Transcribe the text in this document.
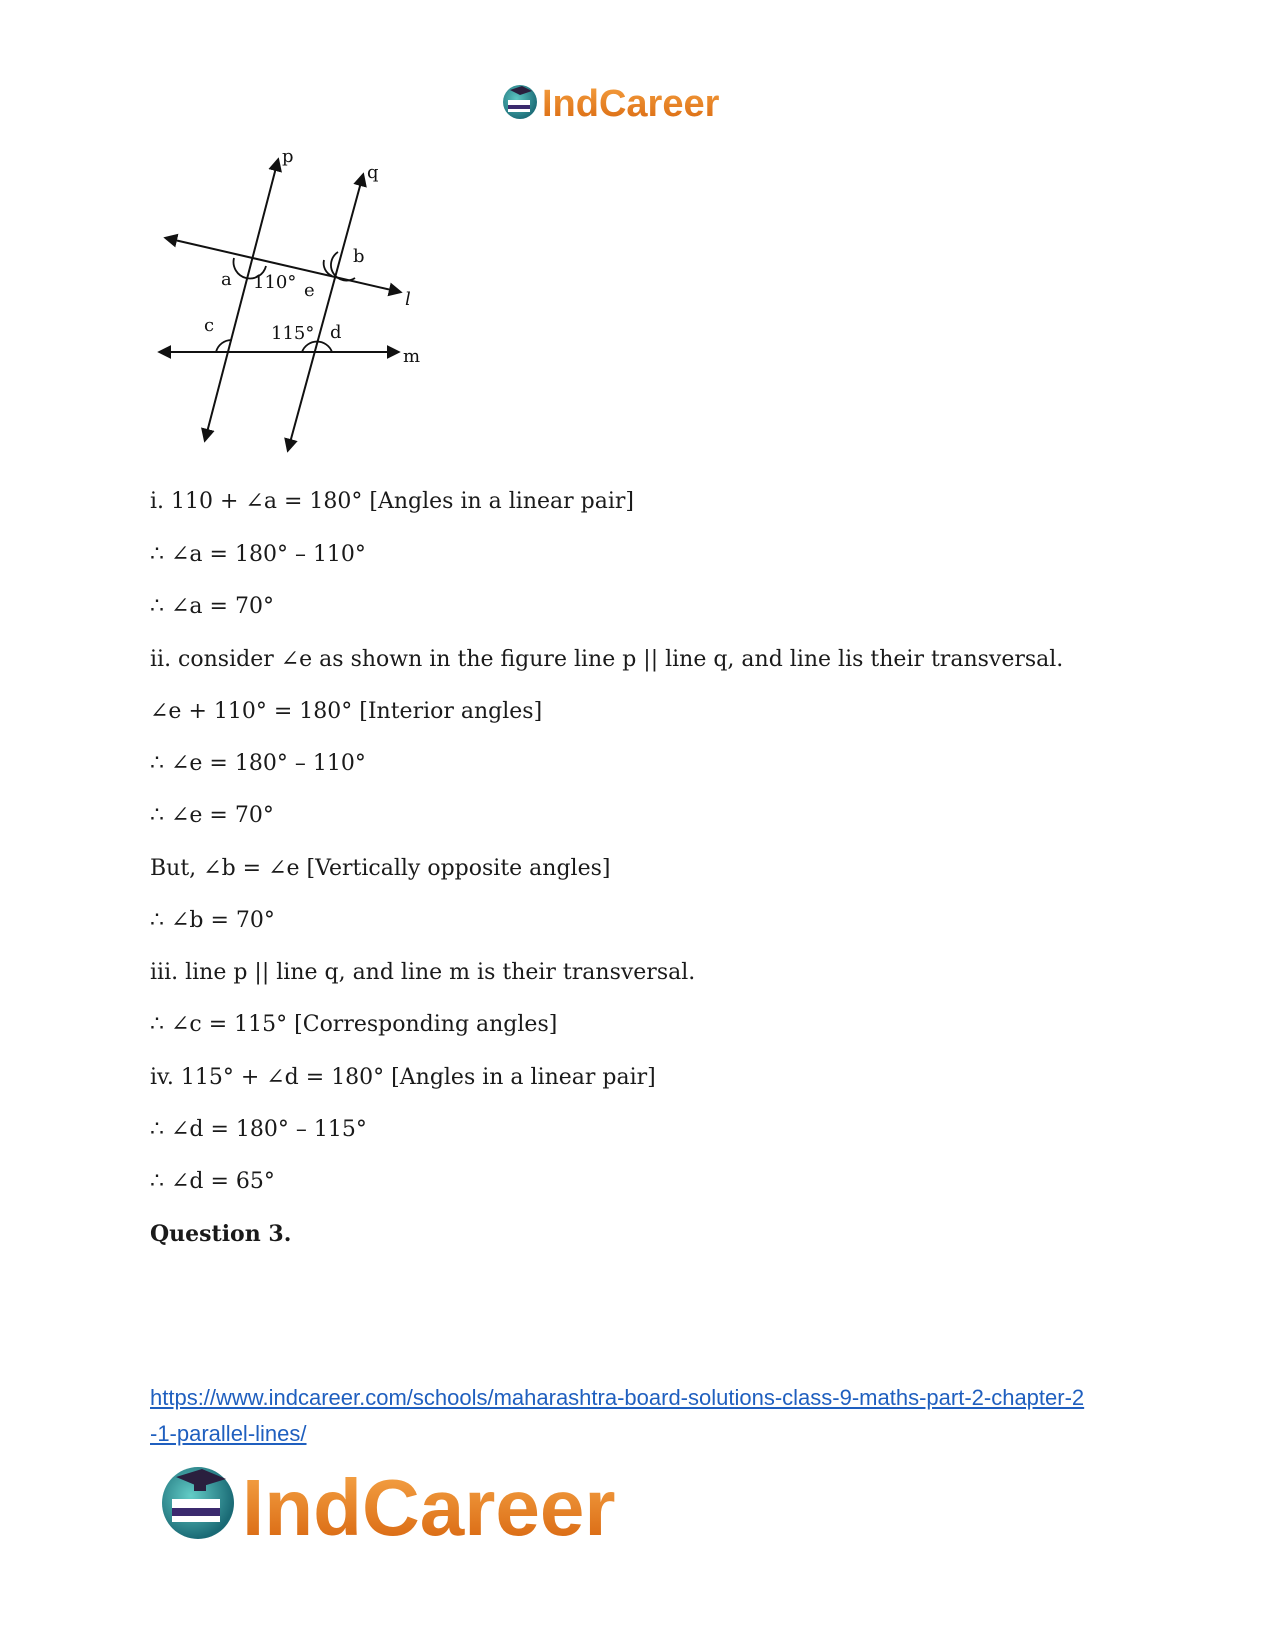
IndCareer
p
q
l
m
a
b
c	d
e
110°
115°
i. 110 + ∠a = 180° [Angles in a linear pair]
∴ ∠a = 180° – 110°
∴ ∠a = 70°
ii. consider ∠e as shown in the figure line p || line q, and line lis their transversal.
∠e + 110° = 180° [Interior angles]
∴ ∠e = 180° – 110°
∴ ∠e = 70°
But, ∠b = ∠e [Vertically opposite angles]
∴ ∠b = 70°
iii. line p || line q, and line m is their transversal.
∴ ∠c = 115° [Corresponding angles]
iv. 115° + ∠d = 180° [Angles in a linear pair]
∴ ∠d = 180° – 115°
∴ ∠d = 65°
Question 3.
https://www.indcareer.com/schools/maharashtra-board-solutions-class-9-maths-part-2-chapter-2
-1-parallel-lines/
IndCareer
